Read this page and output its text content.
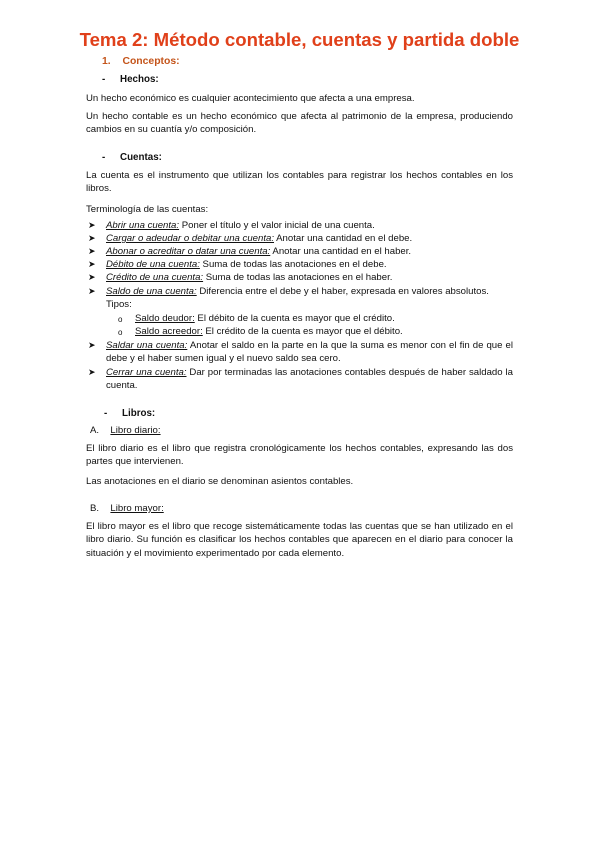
Tema 2: Método contable, cuentas y partida doble
1. Conceptos:
- Hechos:
Un hecho económico es cualquier acontecimiento que afecta a una empresa.
Un hecho contable es un hecho económico que afecta al patrimonio de la empresa, produciendo cambios en su cuantía y/o composición.
- Cuentas:
La cuenta es el instrumento que utilizan los contables para registrar los hechos contables en los libros.
Terminología de las cuentas:
➤ Abrir una cuenta: Poner el título y el valor inicial de una cuenta.
➤ Cargar o adeudar o debitar una cuenta: Anotar una cantidad en el debe.
➤ Abonar o acreditar o datar una cuenta: Anotar una cantidad en el haber.
➤ Débito de una cuenta: Suma de todas las anotaciones en el debe.
➤ Crédito de una cuenta: Suma de todas las anotaciones en el haber.
➤ Saldo de una cuenta: Diferencia entre el debe y el haber, expresada en valores absolutos.
Tipos:
o Saldo deudor: El débito de la cuenta es mayor que el crédito.
o Saldo acreedor: El crédito de la cuenta es mayor que el débito.
➤ Saldar una cuenta: Anotar el saldo en la parte en la que la suma es menor con el fin de que el debe y el haber sumen igual y el nuevo saldo sea cero.
➤ Cerrar una cuenta: Dar por terminadas las anotaciones contables después de haber saldado la cuenta.
- Libros:
A. Libro diario:
El libro diario es el libro que registra cronológicamente los hechos contables, expresando las dos partes que intervienen.
Las anotaciones en el diario se denominan asientos contables.
B. Libro mayor:
El libro mayor es el libro que recoge sistemáticamente todas las cuentas que se han utilizado en el libro diario. Su función es clasificar los hechos contables que aparecen en el diario para conocer la situación y el movimiento experimentado por cada elemento.
